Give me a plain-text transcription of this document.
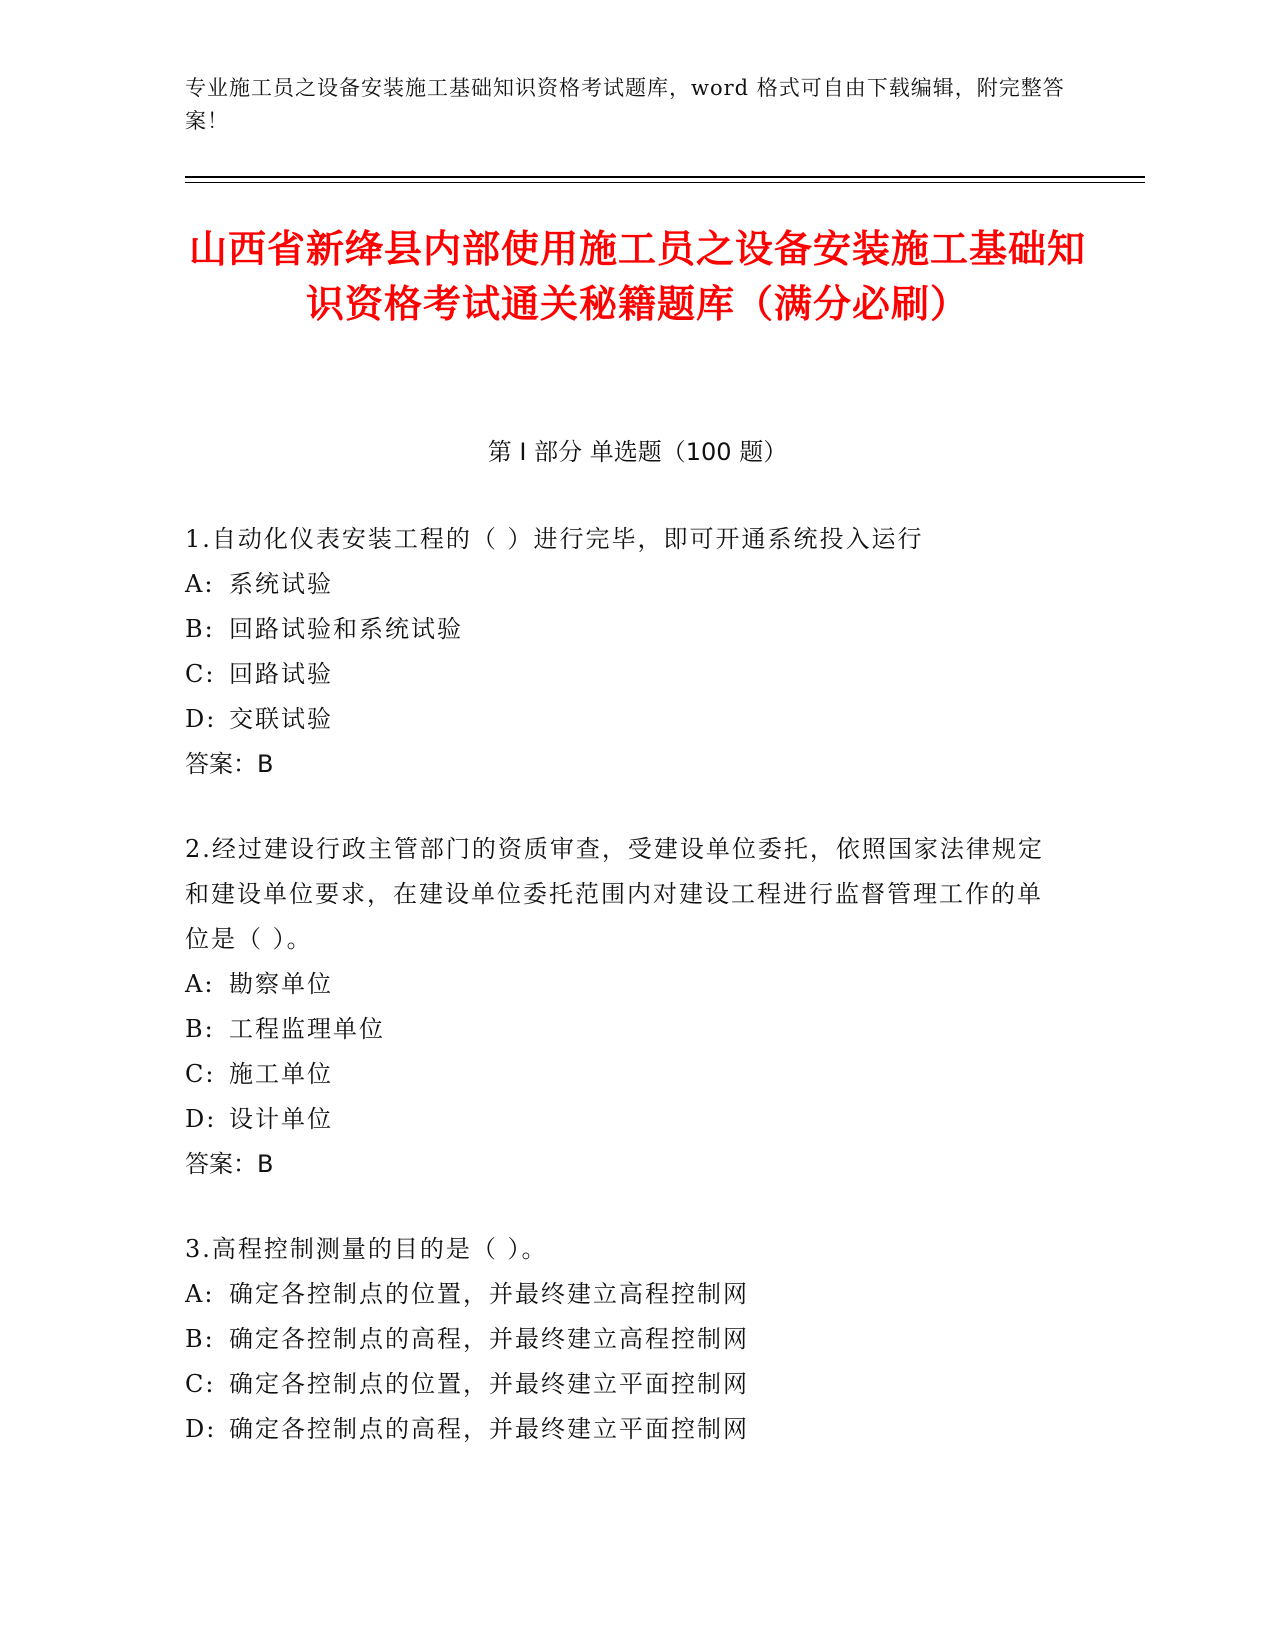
专业施工员之设备安装施工基础知识资格考试题库，word 格式可自由下载编辑，附完整答案！
山西省新绛县内部使用施工员之设备安装施工基础知识资格考试通关秘籍题库（满分必刷）
第 I 部分 单选题（100 题）
1.自动化仪表安装工程的（ ）进行完毕，即可开通系统投入运行
A: 系统试验
B: 回路试验和系统试验
C: 回路试验
D: 交联试验
答案：B
2.经过建设行政主管部门的资质审查，受建设单位委托，依照国家法律规定和建设单位要求，在建设单位委托范围内对建设工程进行监督管理工作的单位是（ ）。
A: 勘察单位
B: 工程监理单位
C: 施工单位
D: 设计单位
答案：B
3.高程控制测量的目的是（ ）。
A: 确定各控制点的位置，并最终建立高程控制网
B: 确定各控制点的高程，并最终建立高程控制网
C: 确定各控制点的位置，并最终建立平面控制网
D: 确定各控制点的高程，并最终建立平面控制网
